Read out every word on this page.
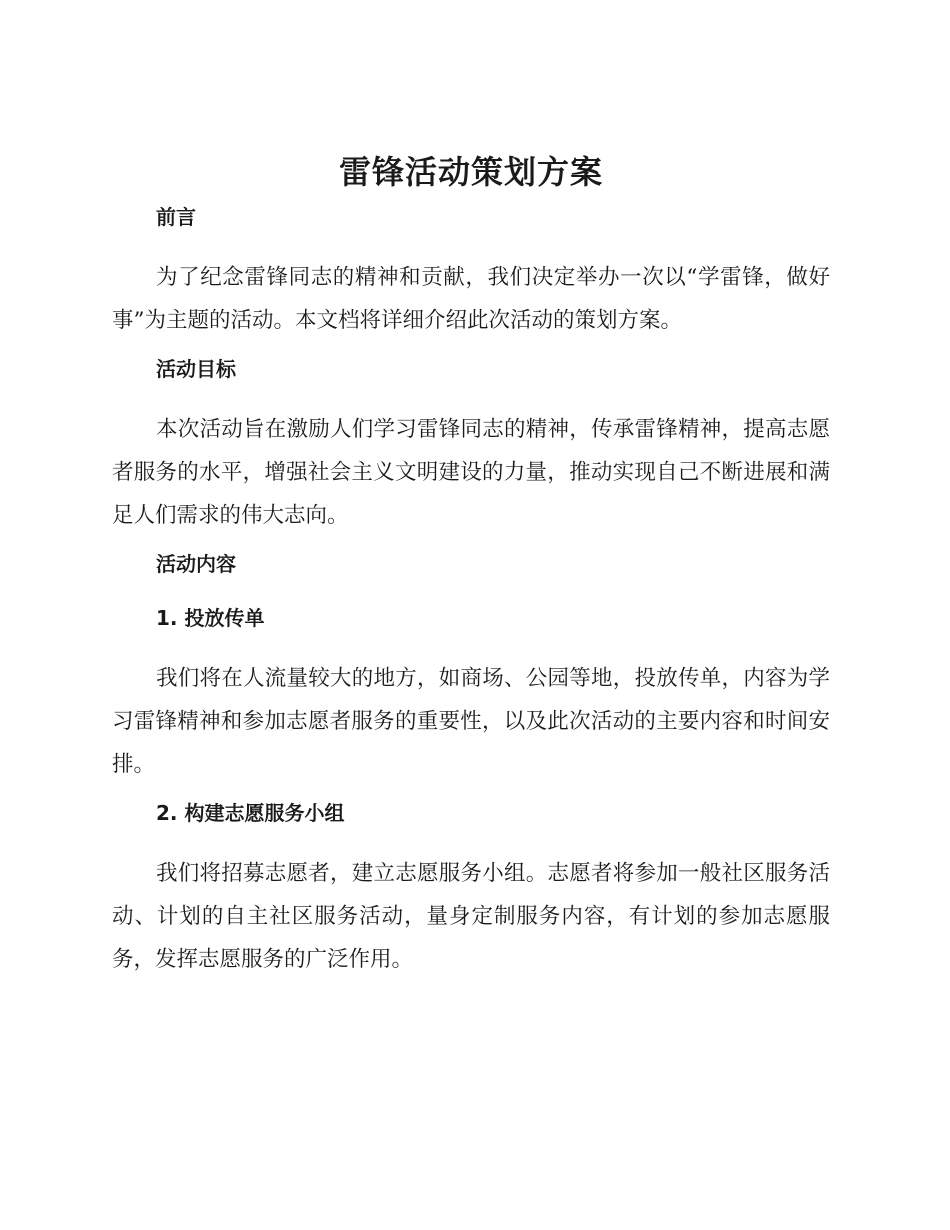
雷锋活动策划方案
前言

为了纪念雷锋同志的精神和贡献，我们决定举办一次以“学雷锋，做好事”为主题的活动。本文档将详细介绍此次活动的策划方案。

活动目标

本次活动旨在激励人们学习雷锋同志的精神，传承雷锋精神，提高志愿者服务的水平，增强社会主义文明建设的力量，推动实现自己不断进展和满足人们需求的伟大志向。

活动内容
1. 投放传单

我们将在人流量较大的地方，如商场、公园等地，投放传单，内容为学习雷锋精神和参加志愿者服务的重要性，以及此次活动的主要内容和时间安排。

2. 构建志愿服务小组

我们将招募志愿者，建立志愿服务小组。志愿者将参加一般社区服务活动、计划的自主社区服务活动，量身定制服务内容，有计划的参加志愿服务，发挥志愿服务的广泛作用。
